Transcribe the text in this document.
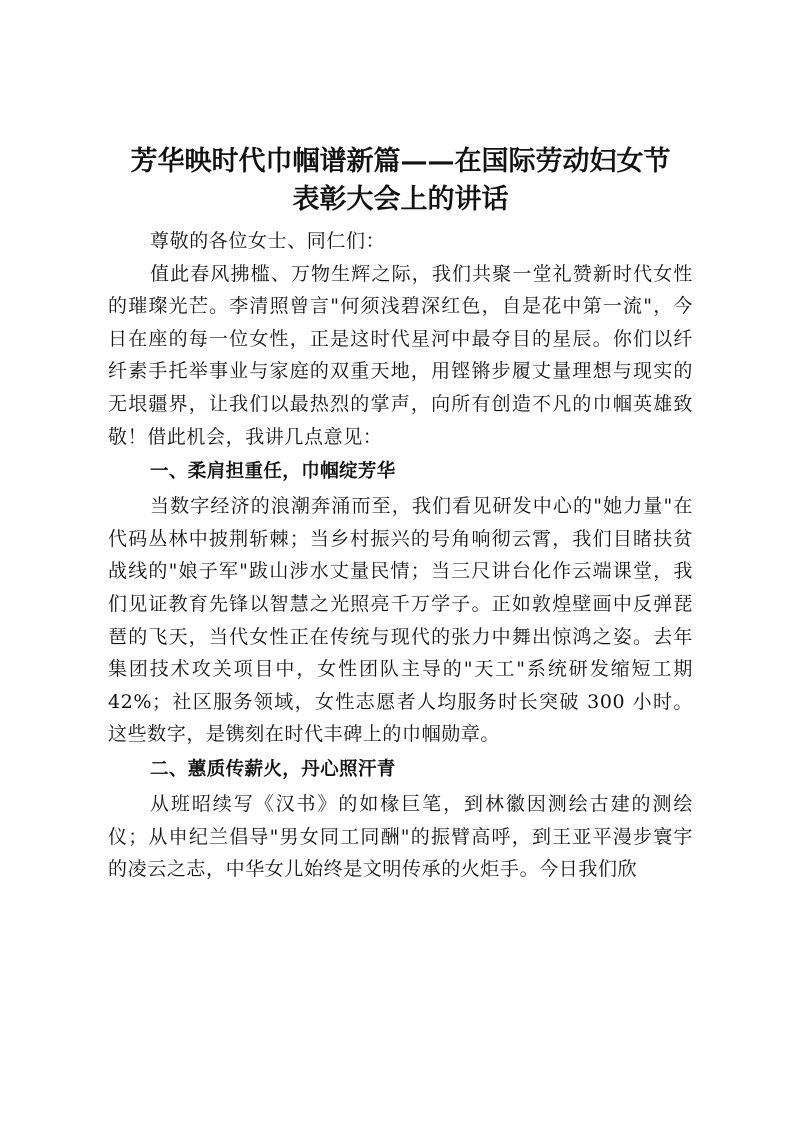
芳华映时代巾帼谱新篇——在国际劳动妇女节
表彰大会上的讲话

尊敬的各位女士、同仁们：

值此春风拂槛、万物生辉之际，我们共聚一堂礼赞新时代女性的璀璨光芒。李清照曾言"何须浅碧深红色，自是花中第一流"，今日在座的每一位女性，正是这时代星河中最夺目的星辰。你们以纤纤素手托举事业与家庭的双重天地，用铿锵步履丈量理想与现实的无垠疆界，让我们以最热烈的掌声，向所有创造不凡的巾帼英雄致敬！借此机会，我讲几点意见：

一、柔肩担重任，巾帼绽芳华

当数字经济的浪潮奔涌而至，我们看见研发中心的"她力量"在代码丛林中披荆斩棘；当乡村振兴的号角响彻云霄，我们目睹扶贫战线的"娘子军"跋山涉水丈量民情；当三尺讲台化作云端课堂，我们见证教育先锋以智慧之光照亮千万学子。正如敦煌壁画中反弹琵琶的飞天，当代女性正在传统与现代的张力中舞出惊鸿之姿。去年集团技术攻关项目中，女性团队主导的"天工"系统研发缩短工期 42%；社区服务领域，女性志愿者人均服务时长突破 300 小时。这些数字，是镌刻在时代丰碑上的巾帼勋章。

二、蕙质传薪火，丹心照汗青

从班昭续写《汉书》的如椽巨笔，到林徽因测绘古建的测绘仪；从申纪兰倡导"男女同工同酬"的振臂高呼，到王亚平漫步寰宇的凌云之志，中华女儿始终是文明传承的火炬手。今日我们欣
